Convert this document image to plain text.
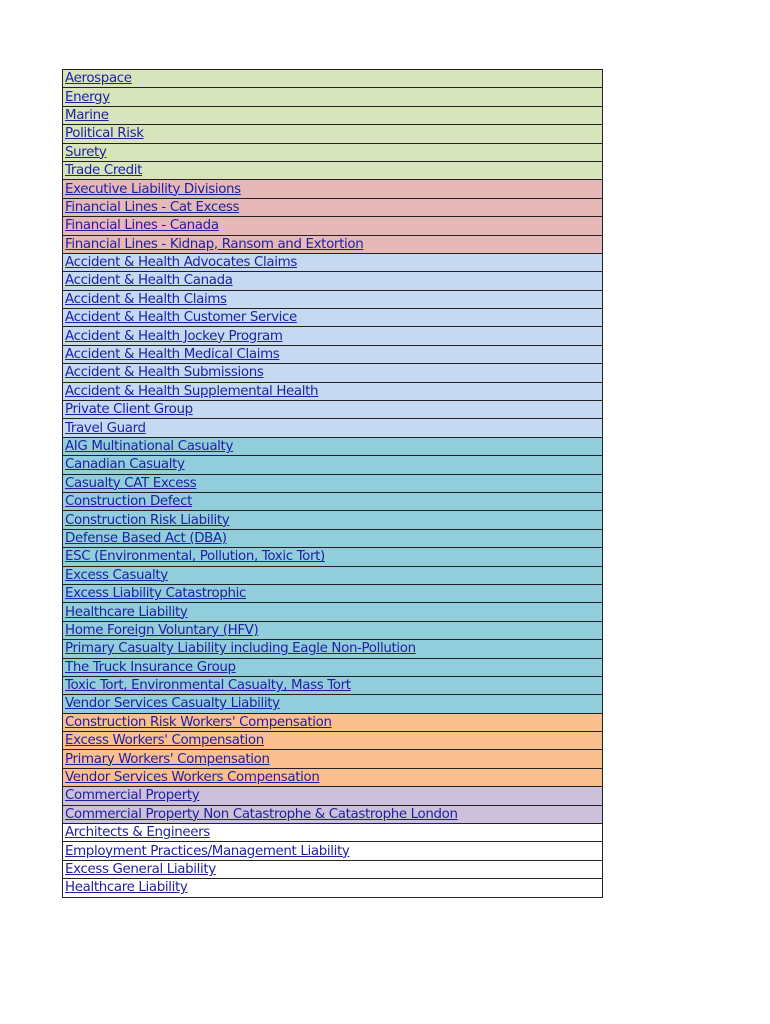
Aerospace
Energy
Marine
Political Risk
Surety
Trade Credit
Executive Liability Divisions
Financial Lines - Cat Excess
Financial Lines - Canada
Financial Lines - Kidnap, Ransom and Extortion
Accident & Health Advocates Claims
Accident & Health Canada
Accident & Health Claims
Accident & Health Customer Service
Accident & Health Jockey Program
Accident & Health Medical Claims
Accident & Health Submissions
Accident & Health Supplemental Health
Private Client Group
Travel Guard
AIG Multinational Casualty
Canadian Casualty
Casualty CAT Excess
Construction Defect
Construction Risk Liability
Defense Based Act (DBA)
ESC (Environmental, Pollution, Toxic Tort)
Excess Casualty
Excess Liability Catastrophic
Healthcare Liability
Home Foreign Voluntary (HFV)
Primary Casualty Liability including Eagle Non-Pollution
The Truck Insurance Group
Toxic Tort, Environmental Casualty, Mass Tort
Vendor Services Casualty Liability
Construction Risk Workers' Compensation
Excess Workers' Compensation
Primary Workers' Compensation
Vendor Services Workers Compensation
Commercial Property
Commercial Property Non Catastrophe & Catastrophe London
Architects & Engineers
Employment Practices/Management Liability
Excess General Liability
Healthcare Liability
